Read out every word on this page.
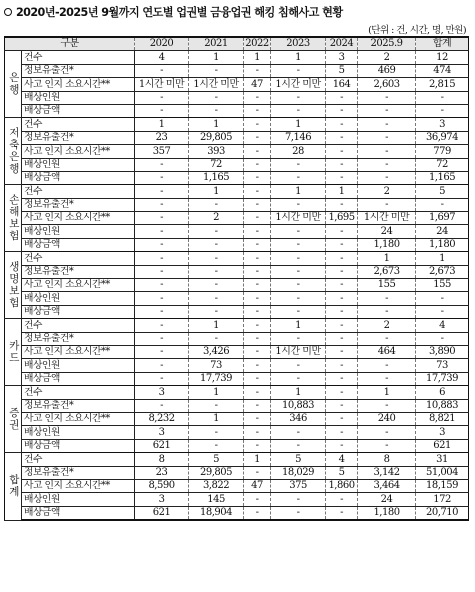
2020년-2025년 9월까지 연도별 업권별 금융업권 해킹 침해사고 현황
(단위 : 건, 시간, 명, 만원)
구분		2020	2021	2022	2023	2024	2025.9	합계
은행	건수	4	1	1	1	3	2	12
	정보유출건*	-	-	-	-	5	469	474
	사고 인지 소요시간**	1시간 미만	1시간 미만	47	1시간 미만	164	2,603	2,815
	배상인원	-	-	-	-	-	-	-
	배상금액	-	-	-	-	-	-	-
저축은행	건수	1	1	-	1	-	-	3
	정보유출건*	23	29,805	-	7,146	-	-	36,974
	사고 인지 소요시간**	357	393	-	28	-	-	779
	배상인원	-	72	-	-	-	-	72
	배상금액	-	1,165	-	-	-	-	1,165
손해보험	건수	-	1	-	1	1	2	5
	정보유출건*	-	-	-	-	-	-	-
	사고 인지 소요시간**	-	2	-	1시간 미만	1,695	1시간 미만	1,697
	배상인원	-	-	-	-	-	24	24
	배상금액	-	-	-	-	-	1,180	1,180
생명보험	건수	-	-	-	-	-	1	1
	정보유출건*	-	-	-	-	-	2,673	2,673
	사고 인지 소요시간**	-	-	-	-	-	155	155
	배상인원	-	-	-	-	-	-	-
	배상금액	-	-	-	-	-	-	-
카드	건수	-	1	-	1	-	2	4
	정보유출건*	-	-	-	-	-	-	-
	사고 인지 소요시간**	-	3,426	-	1시간 미만	-	464	3,890
	배상인원	-	73	-	-	-	-	73
	배상금액	-	17,739	-	-	-	-	17,739
증권	건수	3	1	-	1	-	1	6
	정보유출건*	-	-	-	10,883	-	-	10,883
	사고 인지 소요시간**	8,232	1	-	346	-	240	8,821
	배상인원	3	-	-	-	-	-	3
	배상금액	621	-	-	-	-	-	621
합계	건수	8	5	1	5	4	8	31
	정보유출건*	23	29,805	-	18,029	5	3,142	51,004
	사고 인지 소요시간**	8,590	3,822	47	375	1,860	3,464	18,159
	배상인원	3	145	-	-	-	24	172
	배상금액	621	18,904	-	-	-	1,180	20,710
